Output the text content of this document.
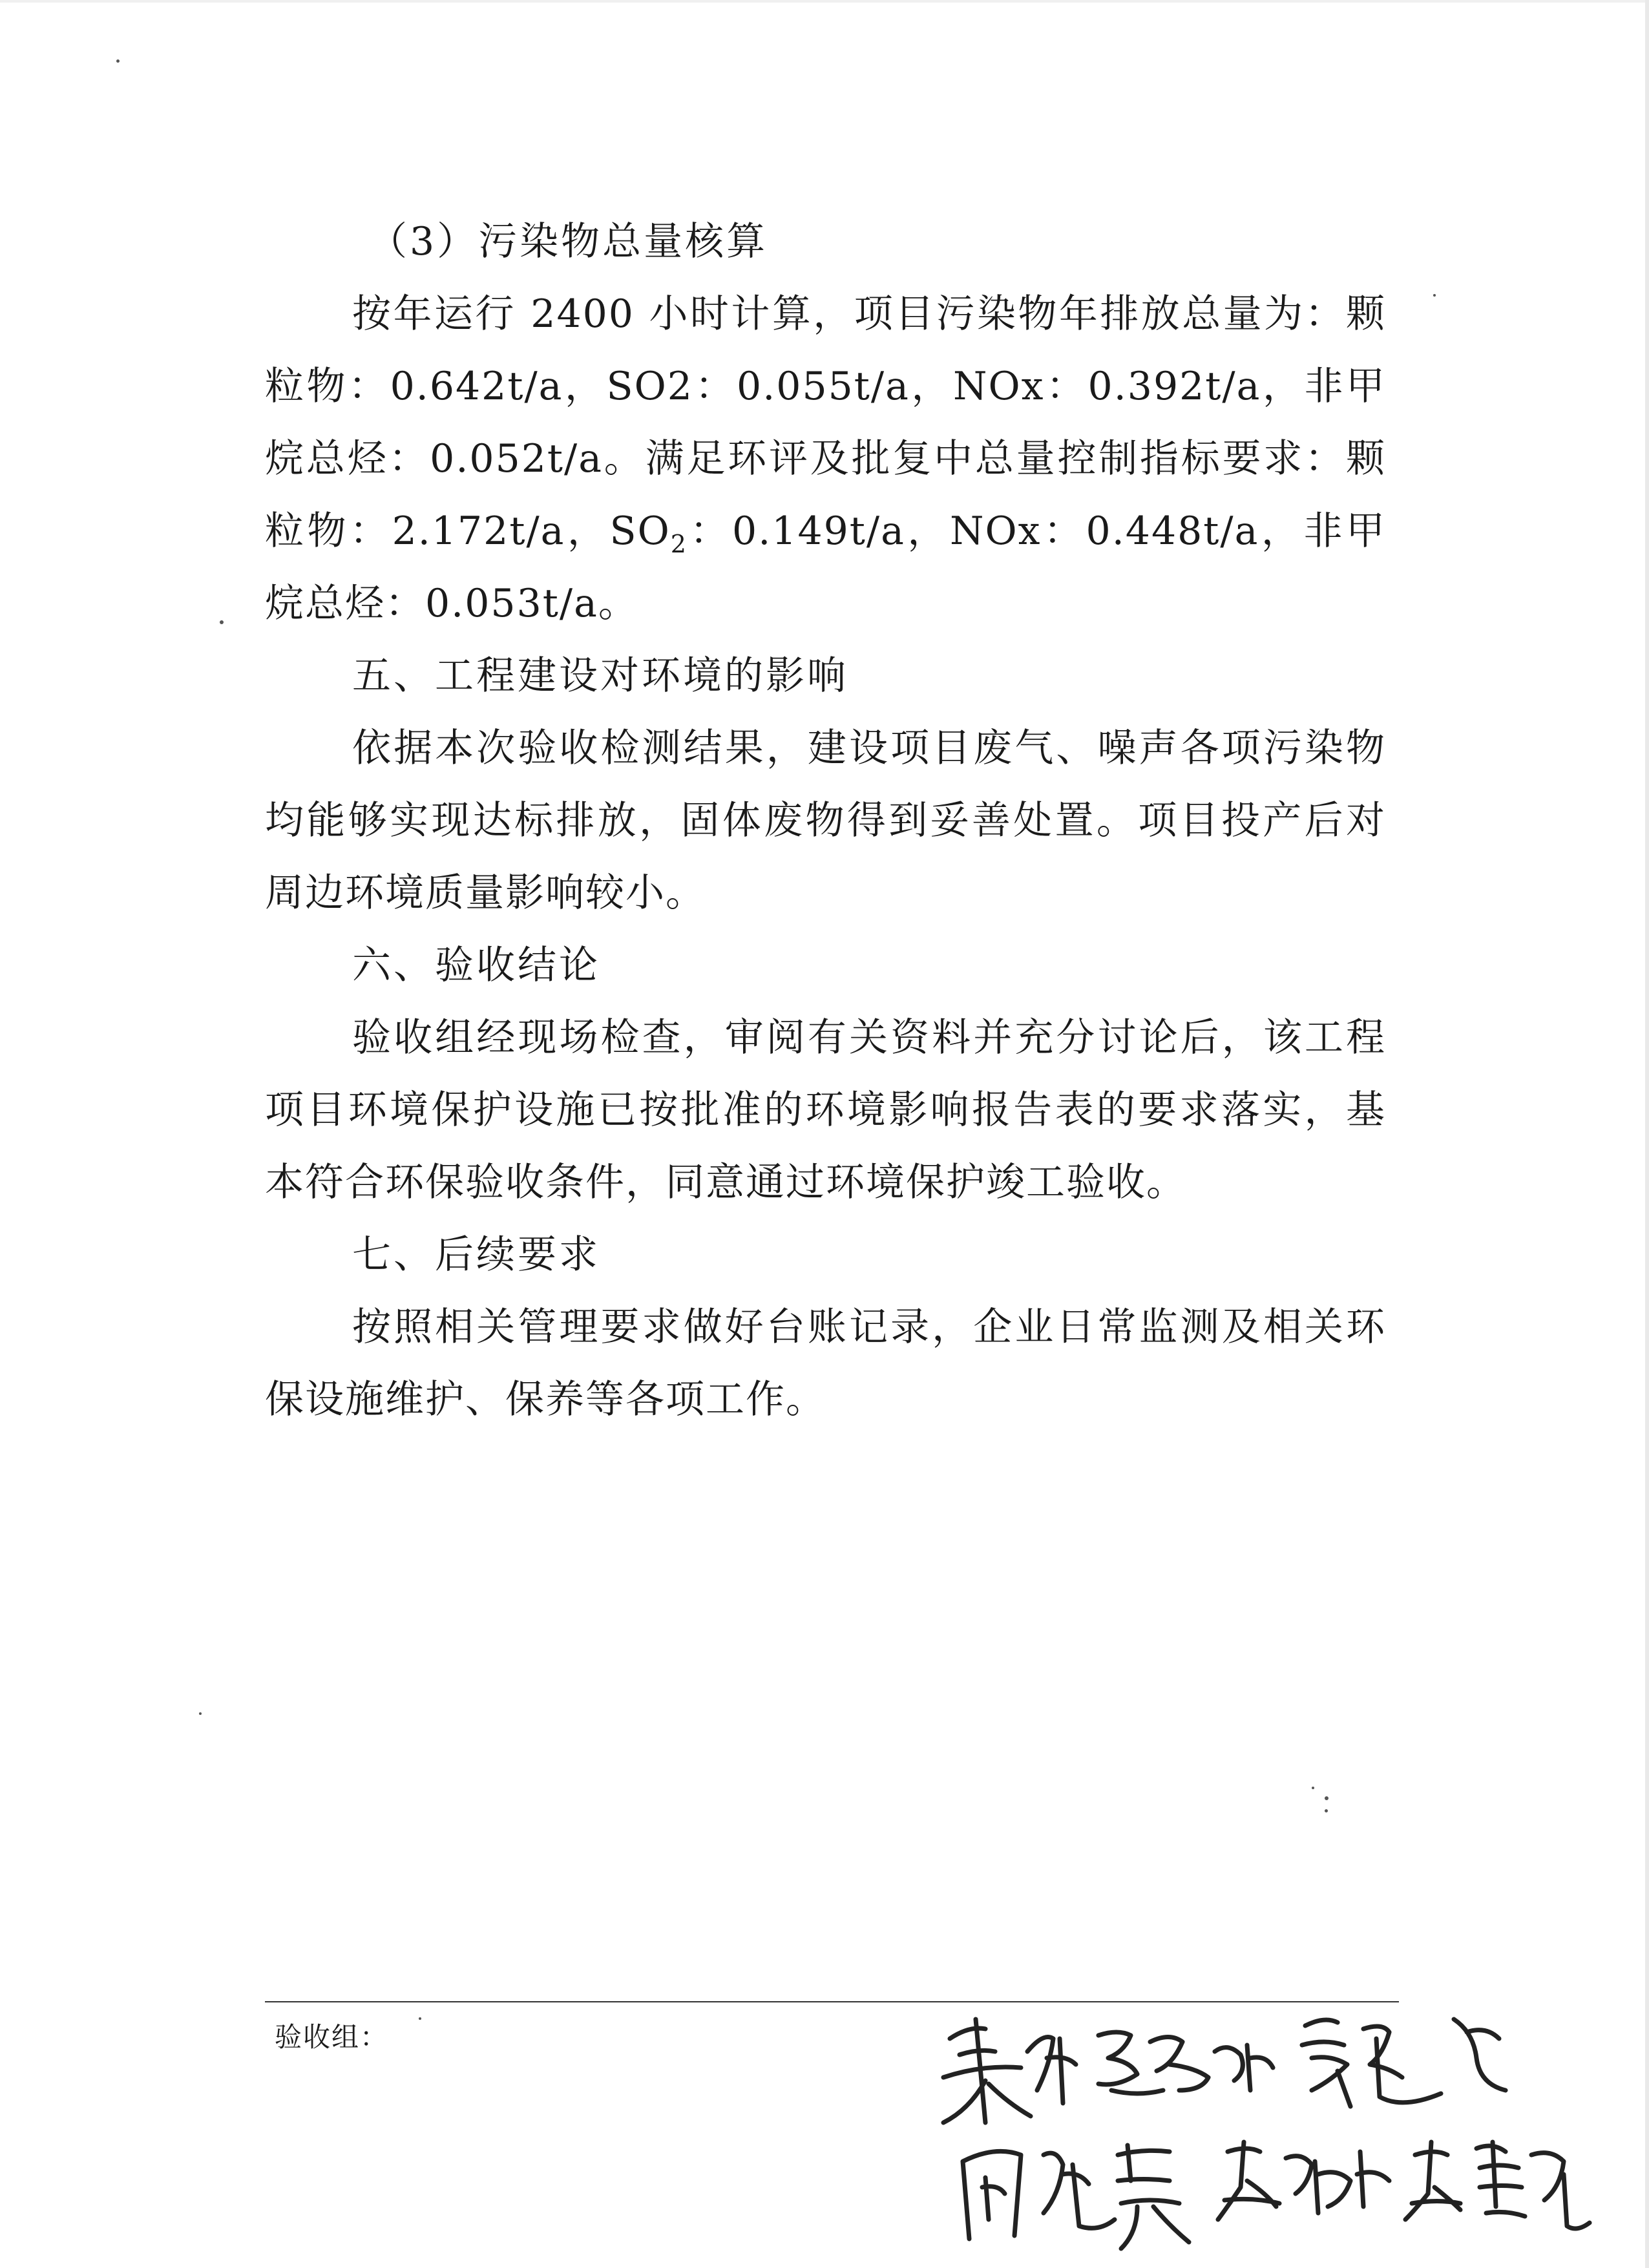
（3）污染物总量核算

按年运行 2400 小时计算，项目污染物年排放总量为：颗粒物：0.642t/a，SO2：0.055t/a，NOx：0.392t/a，非甲烷总烃：0.052t/a。满足环评及批复中总量控制指标要求：颗粒物：2.172t/a，$SO_2$：0.149t/a，NOx：0.448t/a，非甲烷总烃：0.053t/a。

五、工程建设对环境的影响

依据本次验收检测结果，建设项目废气、噪声各项污染物均能够实现达标排放，固体废物得到妥善处置。项目投产后对周边环境质量影响较小。

六、验收结论

验收组经现场检查，审阅有关资料并充分讨论后，该工程项目环境保护设施已按批准的环境影响报告表的要求落实，基本符合环保验收条件，同意通过环境保护竣工验收。

七、后续要求

按照相关管理要求做好台账记录，企业日常监测及相关环保设施维护、保养等各项工作。

验收组：
